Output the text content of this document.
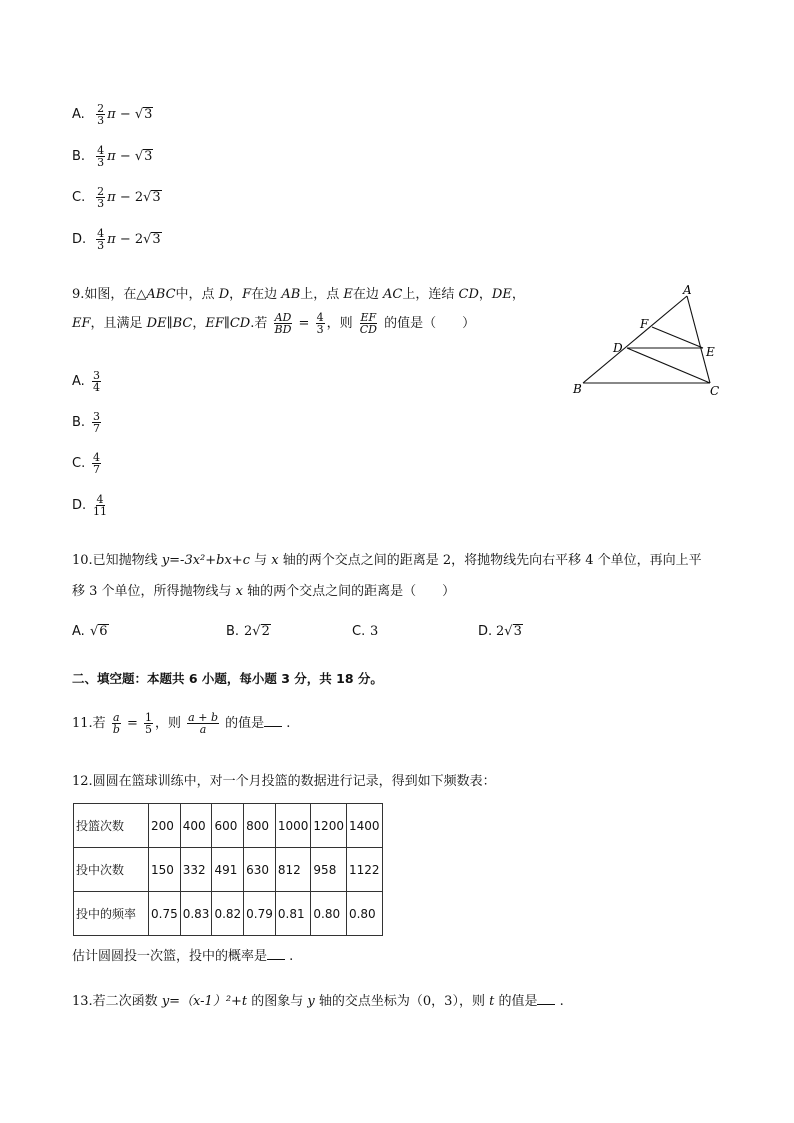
A. $\frac{2}{3}$ π − √3
B. $\frac{4}{3}$ π − √3
C. $\frac{2}{3}$ π − 2√3
D. $\frac{4}{3}$ π − 2√3
9.如图，在△ABC中，点 D，F在边 AB上，点 E在边 AC上，连结 CD，DE，
EF，且满足 DE∥BC，EF∥CD.若 $\frac{AD}{BD} = \frac{4}{3}$ ，则 $\frac{EF}{CD}$ 的值是（　　）
A
F
D	E
B	C
A. $\frac{3}{4}$
B. $\frac{3}{7}$
C. $\frac{4}{7}$
D. $\frac{4}{11}$
10.已知抛物线 y=-3x²+bx+c 与 x 轴的两个交点之间的距离是 2，将抛物线先向右平移 4 个单位，再向上平
移 3 个单位，所得抛物线与 x 轴的两个交点之间的距离是（　　）
A. √6	B. 2√2	C. 3	D. 2√3
二、填空题：本题共 6 小题，每小题 3 分，共 18 分。
11.若 $\frac{a}{b} = \frac{1}{5}$ ，则 $\frac{a + b}{a}$ 的值是 .
12.圆圆在篮球训练中，对一个月投篮的数据进行记录，得到如下频数表：
投篮次数	200	400	600	800	1000	1200	1400
投中次数	150	332	491	630	812	958	1122
投中的频率	0.75	0.83	0.82	0.79	0.81	0.80	0.80
估计圆圆投一次篮，投中的概率是 .
13.若二次函数 y=（x-1）²+t 的图象与 y 轴的交点坐标为（0，3），则 t 的值是 .
